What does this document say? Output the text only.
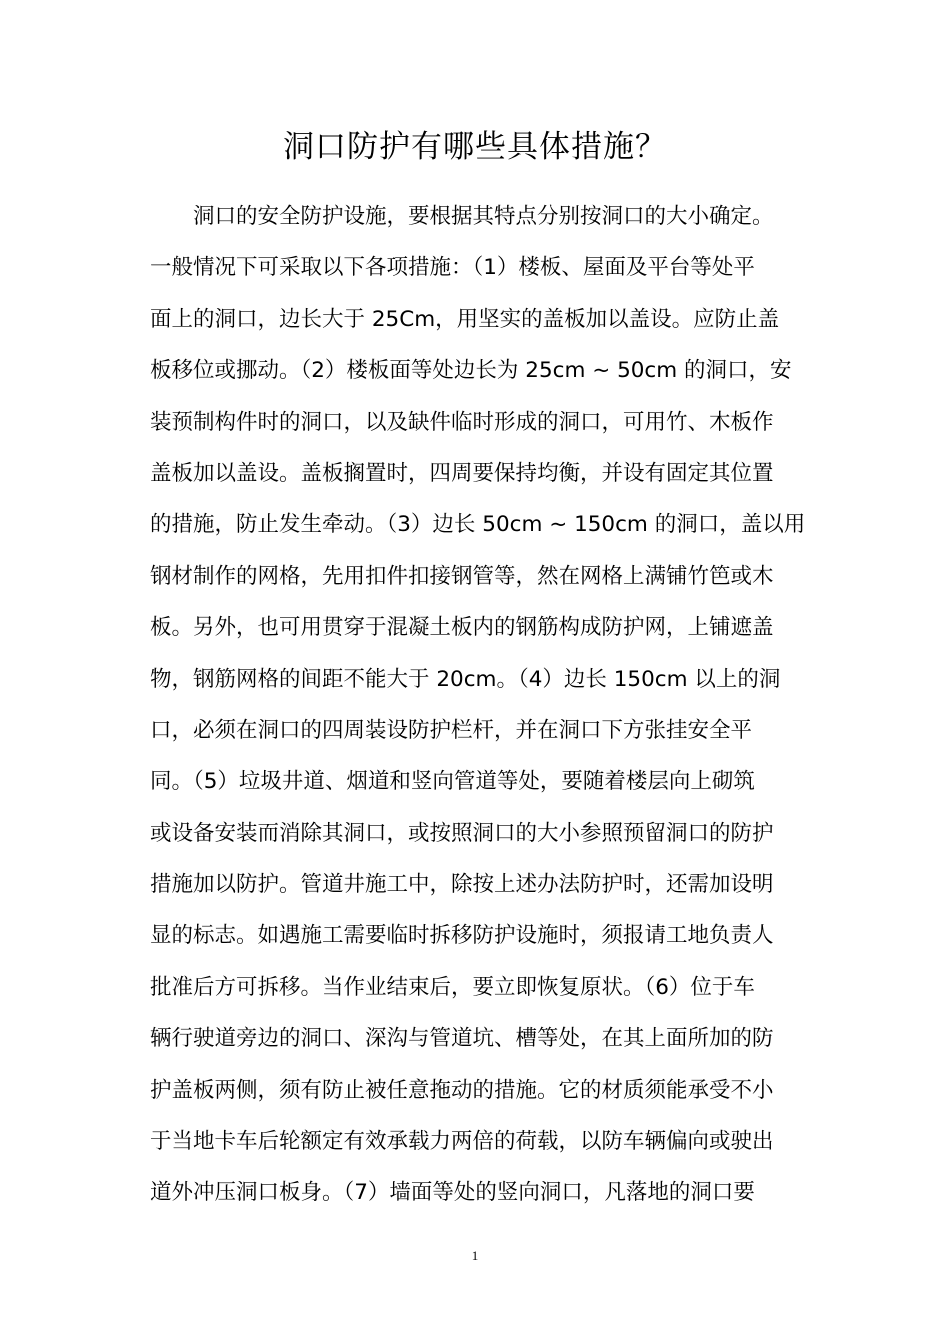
洞口防护有哪些具体措施？
　　洞口的安全防护设施，要根据其特点分别按洞口的大小确定。
一般情况下可采取以下各项措施：（1）楼板、屋面及平台等处平
面上的洞口，边长大于 25Cm，用坚实的盖板加以盖设。应防止盖
板移位或挪动。（2）楼板面等处边长为 25cm ~ 50cm 的洞口，安
装预制构件时的洞口，以及缺件临时形成的洞口，可用竹、木板作
盖板加以盖设。盖板搁置时，四周要保持均衡，并设有固定其位置
的措施，防止发生牵动。（3）边长 50cm ~ 150cm 的洞口，盖以用
钢材制作的网格，先用扣件扣接钢管等，然在网格上满铺竹笆或木
板。另外，也可用贯穿于混凝土板内的钢筋构成防护网，上铺遮盖
物，钢筋网格的间距不能大于 20cm。（4）边长 150cm 以上的洞
口，必须在洞口的四周装设防护栏杆，并在洞口下方张挂安全平
同。（5）垃圾井道、烟道和竖向管道等处，要随着楼层向上砌筑
或设备安装而消除其洞口，或按照洞口的大小参照预留洞口的防护
措施加以防护。管道井施工中，除按上述办法防护时，还需加设明
显的标志。如遇施工需要临时拆移防护设施时，须报请工地负责人
批准后方可拆移。当作业结束后，要立即恢复原状。（6）位于车
辆行驶道旁边的洞口、深沟与管道坑、槽等处，在其上面所加的防
护盖板两侧，须有防止被任意拖动的措施。它的材质须能承受不小
于当地卡车后轮额定有效承载力两倍的荷载，以防车辆偏向或驶出
道外冲压洞口板身。（7）墙面等处的竖向洞口，凡落地的洞口要
1
